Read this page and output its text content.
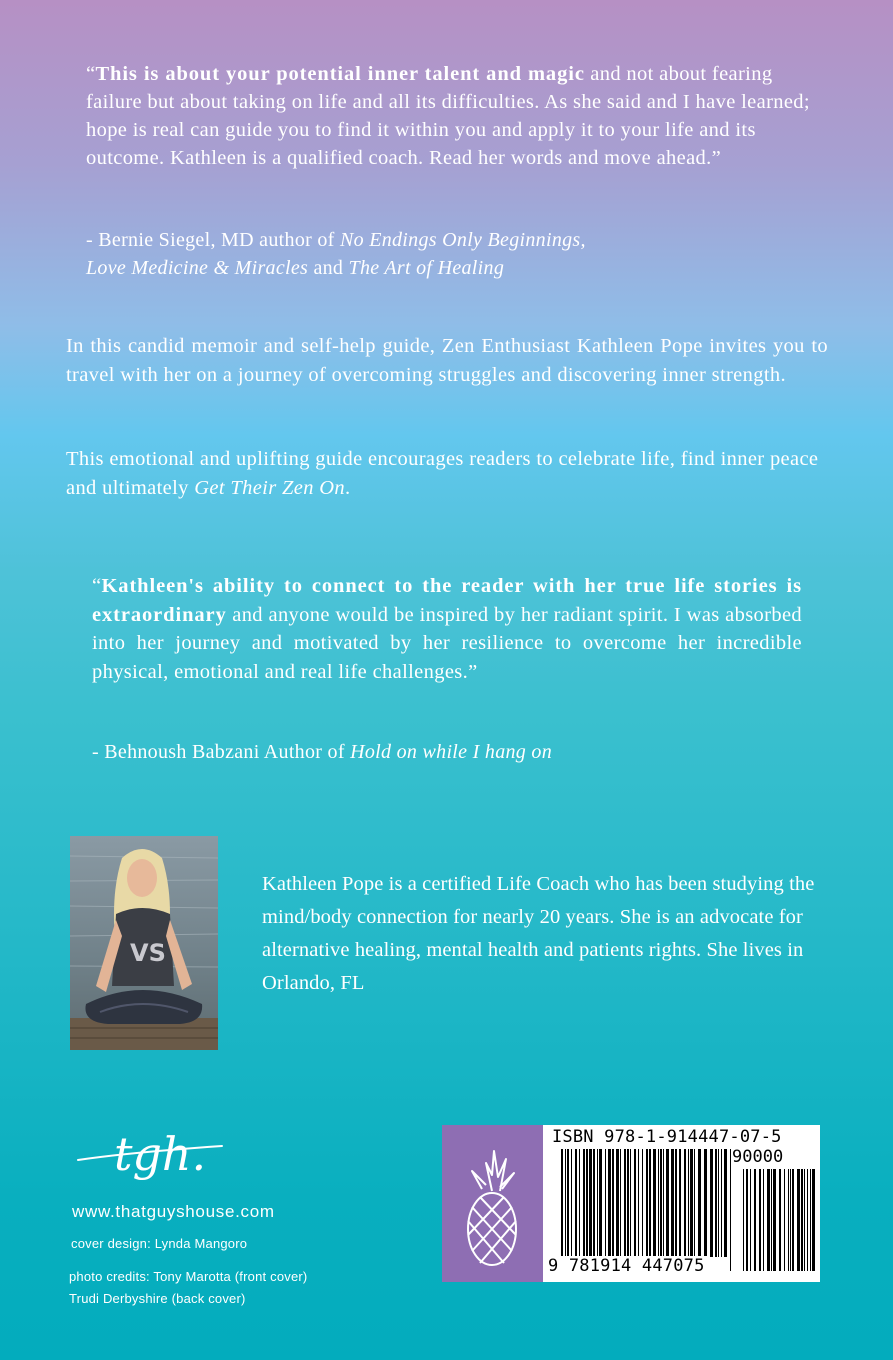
“This is about your potential inner talent and magic and not about fearing failure but about taking on life and all its difficulties. As she said and I have learned; hope is real can guide you to find it within you and apply it to your life and its outcome. Kathleen is a qualified coach. Read her words and move ahead.”
- Bernie Siegel, MD author of No Endings Only Beginnings,
Love Medicine & Miracles and The Art of Healing
In this candid memoir and self-help guide, Zen Enthusiast Kathleen Pope invites you to travel with her on a journey of overcoming struggles and discovering inner strength.
This emotional and uplifting guide encourages readers to celebrate life, find inner peace and ultimately Get Their Zen On.
“Kathleen's ability to connect to the reader with her true life stories is extraordinary and anyone would be inspired by her radiant spirit. I was absorbed into her journey and motivated by her resilience to overcome her incredible physical, emotional and real life challenges.”
- Behnoush Babzani Author of Hold on while I hang on
VS
Kathleen Pope is a certified Life Coach who has been studying the mind/body connection for nearly 20 years. She is an advocate for alternative healing, mental health and patients rights. She lives in Orlando, FL
tgh.
www.thatguyshouse.com
cover design: Lynda Mangoro
photo credits: Tony Marotta (front cover)
Trudi Derbyshire (back cover)
ISBN 978-1-914447-07-5
90000
9 781914 447075
